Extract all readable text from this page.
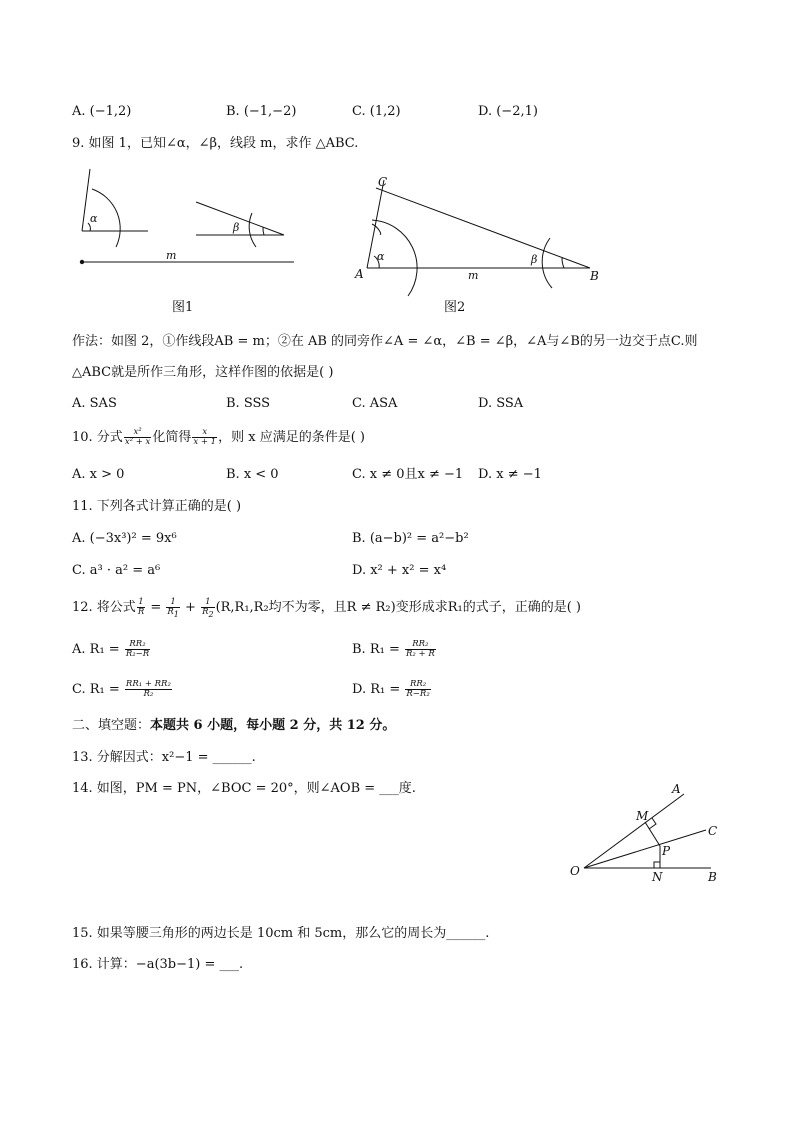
A. (−1,2)	B. (−1,−2)	C. (1,2)	D. (−2,1)
9. 如图 1，已知∠α，∠β，线段 m，求作 △ABC.
α
β
m
图1
C
A	B
α	β
m
图2
作法：如图 2，①作线段AB = m；②在 AB 的同旁作∠A = ∠α，∠B = ∠β，∠A与∠B的另一边交于点C.则
△ABC就是所作三角形，这样作图的依据是( )
A. SAS	B. SSS	C. ASA	D. SSA
10. 分式 $\frac{\text{x²}}{\text{x² + x}}$ 化简得 $\frac{x}{x + 1}$ ，则 x 应满足的条件是( )
A. x > 0	B. x < 0	C. x ≠ 0且x ≠ −1 D. x ≠ −1
11. 下列各式计算正确的是( )
A. (−3x³)² = 9x⁶	B. (a−b)² = a²−b²
C. a³ · a² = a⁶	D. x² + x² = x⁴
12. 将公式 $\frac{1}{R} = \frac{1}{R_1} + \frac{1}{R_2} (R,R_1,R_2$均不为零，且R ≠ R₂)变形成求R₁的式子，正确的是( )
A. $R_1 = \frac{\text{RR₂}}{\text{R₂−R}}$	B. $R_1 = \frac{\text{RR₂}}{\text{R₂ + R}}$
C. $R_1 = \frac{\text{RR₁ + RR₂}}{\text{R₂}}$	D. $R_1 = \frac{\text{RR₂}}{\text{R−R₂}}$
二、填空题：本题共 6 小题，每小题 2 分，共 12 分。
13. 分解因式：x²−1 = ______.
14. 如图，PM = PN，∠BOC = 20°，则∠AOB = ___度.
O
A
C
B
M
N
P
15. 如果等腰三角形的两边长是 10cm 和 5cm，那么它的周长为______.
16. 计算：−a(3b−1) = ___.
